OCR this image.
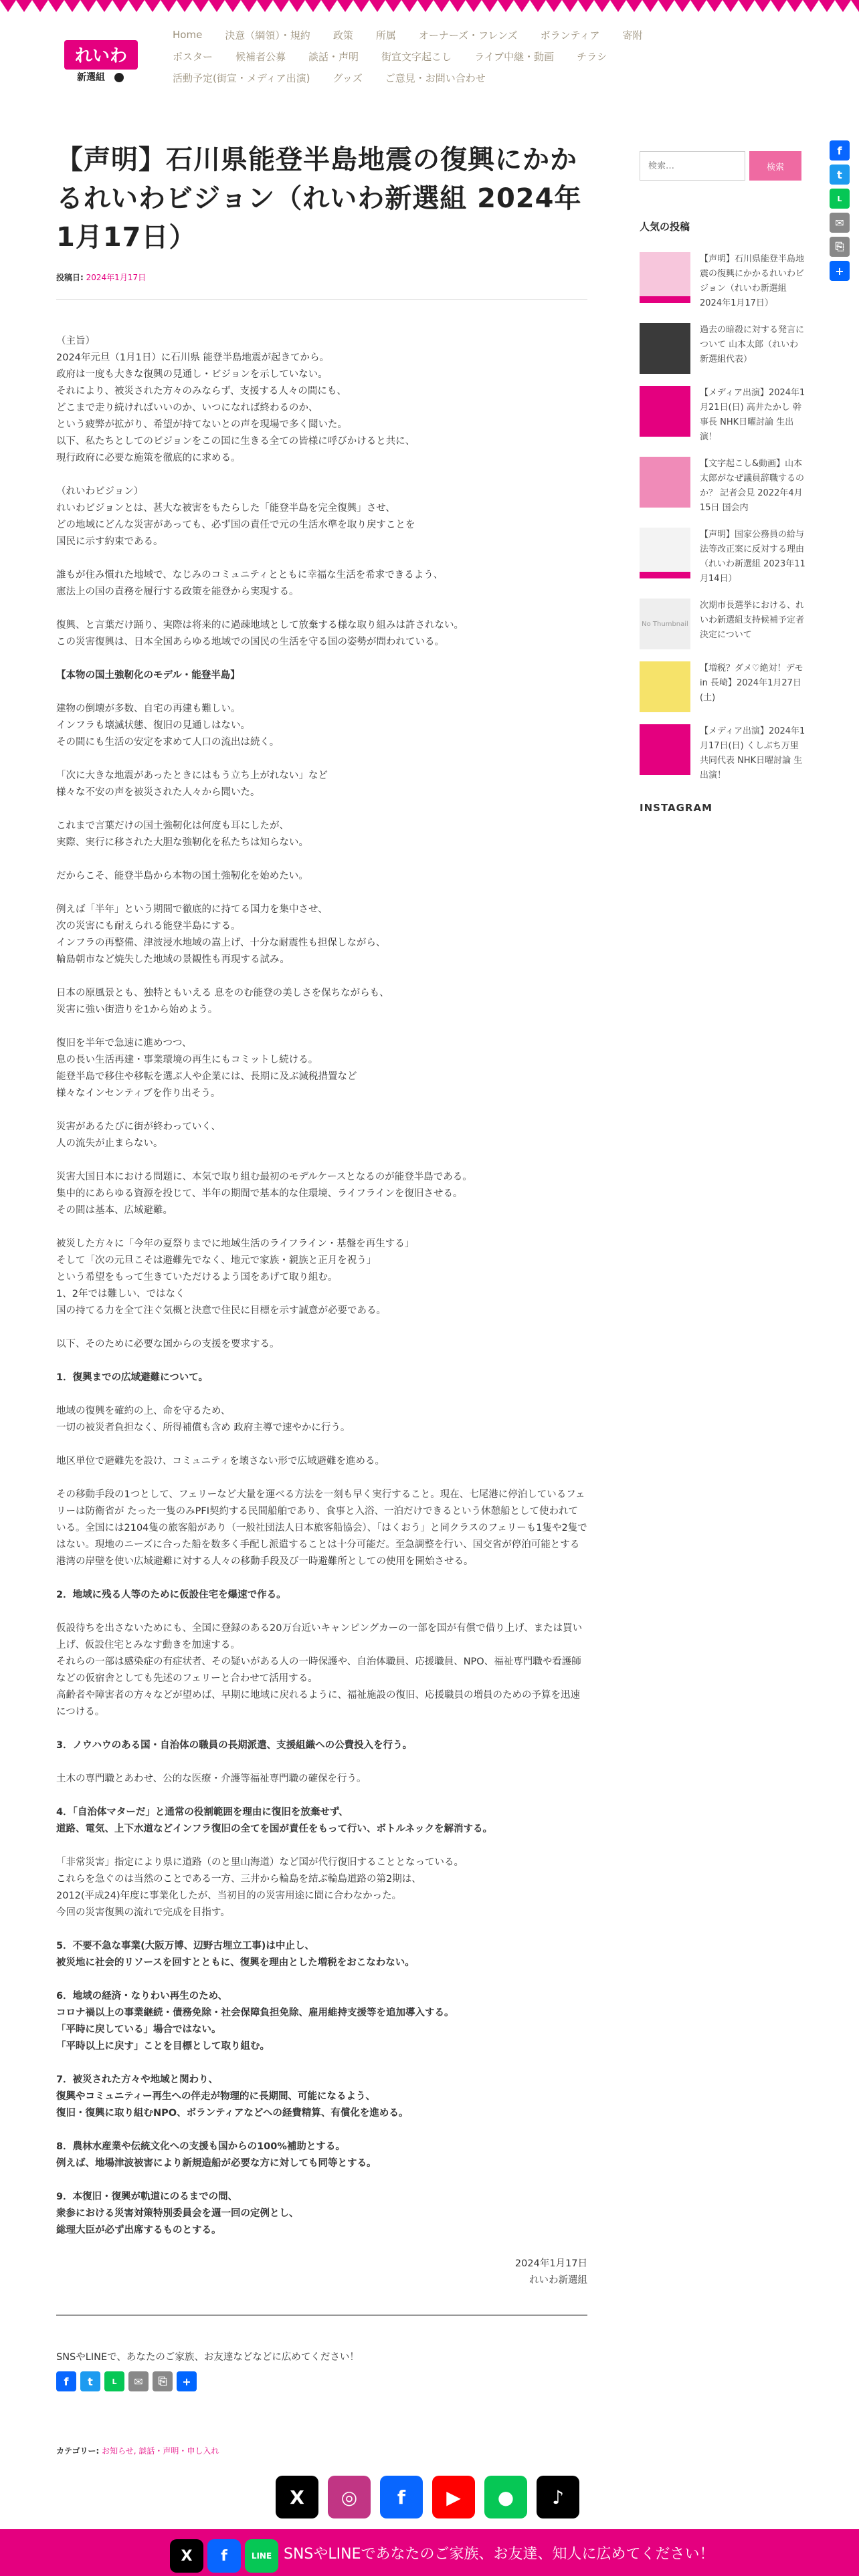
れいわ
新選組
Home 決意（綱領）・規約 政策 所属 オーナーズ・フレンズ ボランティア 寄附
ポスター 候補者公募 談話・声明 街宣文字起こし ライブ中継・動画 チラシ
活動予定(街宣・メディア出演) グッズ ご意見・お問い合わせ
【声明】石川県能登半島地震の復興にかかるれいわビジョン（れいわ新選組 2024年1月17日）
投稿日: 2024年1月17日

（主旨）
2024年元旦（1月1日）に石川県 能登半島地震が起きてから。
政府は一度も大きな復興の見通し・ビジョンを示していない。
それにより、被災された方々のみならず、支援する人々の間にも、
どこまで走り続ければいいのか、いつになれば終わるのか、
という疲弊が拡がり、希望が持てないとの声を現場で多く聞いた。
以下、私たちとしてのビジョンをこの国に生きる全ての皆様に呼びかけると共に、
現行政府に必要な施策を徹底的に求める。

（れいわビジョン）
れいわビジョンとは、甚大な被害をもたらした「能登半島を完全復興」させ、
どの地域にどんな災害があっても、必ず国の責任で元の生活水準を取り戻すことを
国民に示す約束である。

誰もが住み慣れた地域で、なじみのコミュニティとともに幸福な生活を希求できるよう、
憲法上の国の責務を履行する政策を能登から実現する。

復興、と言葉だけ踊り、実際は将来的に過疎地域として放棄する様な取り組みは許されない。
この災害復興は、日本全国あらゆる地域での国民の生活を守る国の姿勢が問われている。

【本物の国土強靭化のモデル・能登半島】

建物の倒壊が多数、自宅の再建も難しい。
インフラも壊滅状態、復旧の見通しはない。
その間にも生活の安定を求めて人口の流出は続く。

「次に大きな地震があったときにはもう立ち上がれない」など
様々な不安の声を被災された人々から聞いた。

これまで言葉だけの国土強靭化は何度も耳にしたが、
実際、実行に移された大胆な強靭化を私たちは知らない。

だからこそ、能登半島から本物の国土強靭化を始めたい。

例えば「半年」という期間で徹底的に持てる国力を集中させ、
次の災害にも耐えられる能登半島にする。
インフラの再整備、津波浸水地域の嵩上げ、十分な耐震性も担保しながら、
輪島朝市など焼失した地域の景観性も再現する試み。

日本の原風景とも、独特ともいえる 息をのむ能登の美しさを保ちながらも、
災害に強い街造りを1から始めよう。

復旧を半年で急速に進めつつ、
息の長い生活再建・事業環境の再生にもコミットし続ける。
能登半島で移住や移転を選ぶ人や企業には、長期に及ぶ減税措置など
様々なインセンティブを作り出そう。

災害があるたびに街が終わっていく、
人の流失が止まらない。

災害大国日本における問題に、本気で取り組む最初のモデルケースとなるのが能登半島である。
集中的にあらゆる資源を投じて、半年の期間で基本的な住環境、ライフラインを復旧させる。
その間は基本、広域避難。

被災した方々に「今年の夏祭りまでに地域生活のライフライン・基盤を再生する」
そして「次の元旦こそは避難先でなく、地元で家族・親族と正月を祝う」
という希望をもって生きていただけるよう国をあげて取り組む。
1、2年では難しい、ではなく
国の持てる力を全て注ぐ気概と決意で住民に目標を示す誠意が必要である。

以下、そのために必要な国からの支援を要求する。

1．復興までの広域避難について。

地域の復興を確約の上、命を守るため、
一切の被災者負担なく、所得補償も含め 政府主導で速やかに行う。

地区単位で避難先を設け、コミュニティを壊さない形で広域避難を進める。

その移動手段の1つとして、フェリーなど大量を運べる方法を一刻も早く実行すること。現在、七尾港に停泊しているフェリーは防衛省が たった一隻のみPFI契約する民間船舶であり、食事と入浴、一泊だけできるという休憩船として使われている。全国には2104隻の旅客船があり（一般社団法人日本旅客船協会）、「はくおう」と同クラスのフェリーも1隻や2隻ではない。現地のニーズに合った船を数多く手配し派遣することは十分可能だ。至急調整を行い、国交省が停泊可能とする港湾の岸壁を使い広域避難に対する人々の移動手段及び一時避難所としての使用を開始させる。

2．地域に残る人等のために仮設住宅を爆速で作る。

仮設待ちを出さないためにも、全国に登録のある20万台近いキャンピングカーの一部を国が有償で借り上げ、または買い上げ、仮設住宅とみなす動きを加速する。
それらの一部は感染症の有症状者、その疑いがある人の一時保護や、自治体職員、応援職員、NPO、福祉専門職や看護師などの仮宿舎としても先述のフェリーと合わせて活用する。
高齢者や障害者の方々などが望めば、早期に地域に戻れるように、福祉施設の復旧、応援職員の増員のための予算を迅速につける。

3．ノウハウのある国・自治体の職員の長期派遣、支援組織への公費投入を行う。

土木の専門職とあわせ、公的な医療・介護等福祉専門職の確保を行う。

4．「自治体マターだ」と通常の役割範囲を理由に復旧を放棄せず、
道路、電気、上下水道などインフラ復旧の全てを国が責任をもって行い、ボトルネックを解消する。

「非常災害」指定により県に道路（のと里山海道）など国が代行復旧することとなっている。
これらを急ぐのは当然のことである一方、三井から輪島を結ぶ輪島道路の第2期は、
2012(平成24)年度に事業化したが、当初目的の災害用途に間に合わなかった。
今回の災害復興の流れで完成を目指す。

5．不要不急な事業(大阪万博、辺野古埋立工事)は中止し、
被災地に社会的リソースを回すとともに、復興を理由とした増税をおこなわない。

6．地域の経済・なりわい再生のため、
コロナ禍以上の事業継続・債務免除・社会保障負担免除、雇用維持支援等を追加導入する。
「平時に戻している」場合ではない。
「平時以上に戻す」ことを目標として取り組む。

7．被災された方々や地域と関わり、
復興やコミュニティー再生への伴走が物理的に長期間、可能になるよう、
復旧・復興に取り組むNPO、ボランティアなどへの経費精算、有償化を進める。

8．農林水産業や伝統文化への支援も国からの100%補助とする。
例えば、地場津波被害により新規造船が必要な方に対しても同等とする。

9．本復旧・復興が軌道にのるまでの間、
衆参における災害対策特別委員会を週一回の定例とし、
総理大臣が必ず出席するものとする。

2024年1月17日
れいわ新選組
SNSやLINEで、あなたのご家族、お友達などなどに広めてください！
f	t	L	✉	⎘	+
カテゴリー: お知らせ, 談話・声明・申し入れ
検索…
検索
人気の投稿
【声明】石川県能登半島地震の復興にかかるれいわビジョン（れいわ新選組 2024年1月17日）
過去の暗殺に対する発言について 山本太郎（れいわ新選組代表）
【メディア出演】2024年1月21日(日) 高井たかし 幹事長 NHK日曜討論 生出演！
【文字起こし&動画】山本太郎がなぜ議員辞職するのか？ 記者会見 2022年4月15日 国会内
【声明】国家公務員の給与法等改正案に反対する理由（れいわ新選組 2023年11月14日）
No Thumbnail
次期市長選挙における、れいわ新選組支持候補予定者決定について
【増税？ダメ♡絶対！デモ in 長崎】2024年1月27日(土)
【メディア出演】2024年1月17日(日) くしぶち万里 共同代表 NHK日曜討論 生出演！
INSTAGRAM
f
t
L
✉
⎘
+
X	◎	f	▶	●	♪
X	f	LINE SNSやLINEであなたのご家族、お友達、知人に広めてください！
